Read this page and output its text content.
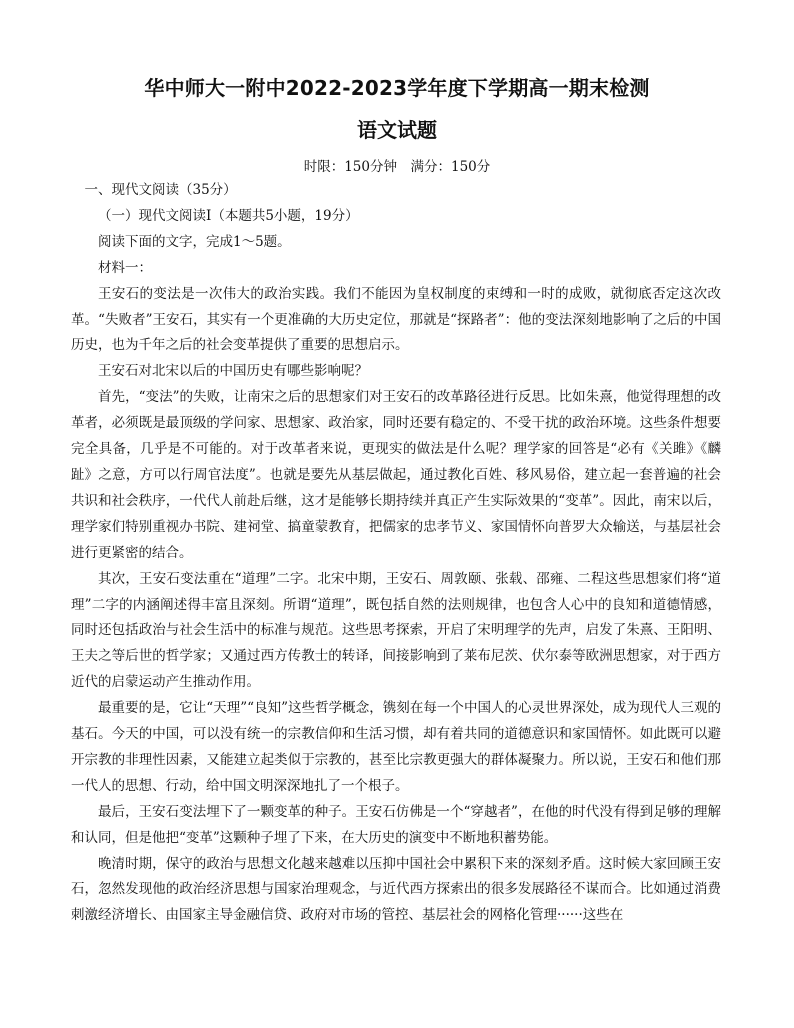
华中师大一附中2022-2023学年度下学期高一期末检测
语文试题
时限：150分钟　满分：150分

一、现代文阅读（35分）

（一）现代文阅读I（本题共5小题，19分）

阅读下面的文字，完成1～5题。

材料一：

王安石的变法是一次伟大的政治实践。我们不能因为皇权制度的束缚和一时的成败，就彻底否定这次改革。“失败者”王安石，其实有一个更准确的大历史定位，那就是“探路者”：他的变法深刻地影响了之后的中国历史，也为千年之后的社会变革提供了重要的思想启示。

王安石对北宋以后的中国历史有哪些影响呢？

首先，“变法”的失败，让南宋之后的思想家们对王安石的改革路径进行反思。比如朱熹，他觉得理想的改革者，必须既是最顶级的学问家、思想家、政治家，同时还要有稳定的、不受干扰的政治环境。这些条件想要完全具备，几乎是不可能的。对于改革者来说，更现实的做法是什么呢？理学家的回答是“必有《关雎》《麟趾》之意，方可以行周官法度”。也就是要先从基层做起，通过教化百姓、移风易俗，建立起一套普遍的社会共识和社会秩序，一代代人前赴后继，这才是能够长期持续并真正产生实际效果的“变革”。因此，南宋以后，理学家们特别重视办书院、建祠堂、搞童蒙教育，把儒家的忠孝节义、家国情怀向普罗大众输送，与基层社会进行更紧密的结合。

其次，王安石变法重在“道理”二字。北宋中期，王安石、周敦颐、张载、邵雍、二程这些思想家们将“道理”二字的内涵阐述得丰富且深刻。所谓“道理”，既包括自然的法则规律，也包含人心中的良知和道德情感，同时还包括政治与社会生活中的标准与规范。这些思考探索，开启了宋明理学的先声，启发了朱熹、王阳明、王夫之等后世的哲学家；又通过西方传教士的转译，间接影响到了莱布尼茨、伏尔泰等欧洲思想家，对于西方近代的启蒙运动产生推动作用。

最重要的是，它让“天理”“良知”这些哲学概念，镌刻在每一个中国人的心灵世界深处，成为现代人三观的基石。今天的中国，可以没有统一的宗教信仰和生活习惯，却有着共同的道德意识和家国情怀。如此既可以避开宗教的非理性因素，又能建立起类似于宗教的，甚至比宗教更强大的群体凝聚力。所以说，王安石和他们那一代人的思想、行动，给中国文明深深地扎了一个根子。

最后，王安石变法埋下了一颗变革的种子。王安石仿佛是一个“穿越者”，在他的时代没有得到足够的理解和认同，但是他把“变革”这颗种子埋了下来，在大历史的演变中不断地积蓄势能。

晚清时期，保守的政治与思想文化越来越难以压抑中国社会中累积下来的深刻矛盾。这时候大家回顾王安石，忽然发现他的政治经济思想与国家治理观念，与近代西方探索出的很多发展路径不谋而合。比如通过消费刺激经济增长、由国家主导金融信贷、政府对市场的管控、基层社会的网格化管理······这些在
